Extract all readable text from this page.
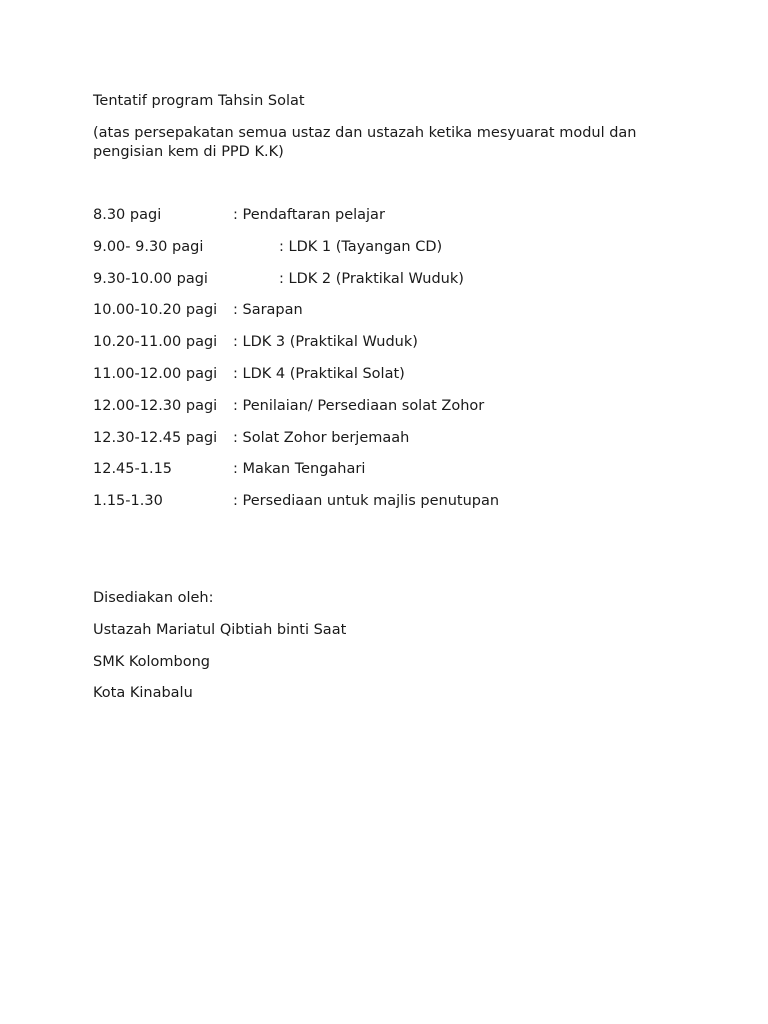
Tentatif program Tahsin Solat
(atas persepakatan semua ustaz dan ustazah ketika mesyuarat modul dan pengisian kem di PPD K.K)
8.30 pagi	: Pendaftaran pelajar
9.00- 9.30 pagi	: LDK 1 (Tayangan CD)
9.30-10.00 pagi	: LDK 2 (Praktikal Wuduk)
10.00-10.20 pagi : Sarapan
10.20-11.00 pagi : LDK 3 (Praktikal Wuduk)
11.00-12.00 pagi : LDK 4 (Praktikal Solat)
12.00-12.30 pagi : Penilaian/ Persediaan solat Zohor
12.30-12.45 pagi : Solat Zohor berjemaah
12.45-1.15	: Makan Tengahari
1.15-1.30	: Persediaan untuk majlis penutupan
Disediakan oleh:
Ustazah Mariatul Qibtiah binti Saat
SMK Kolombong
Kota Kinabalu
